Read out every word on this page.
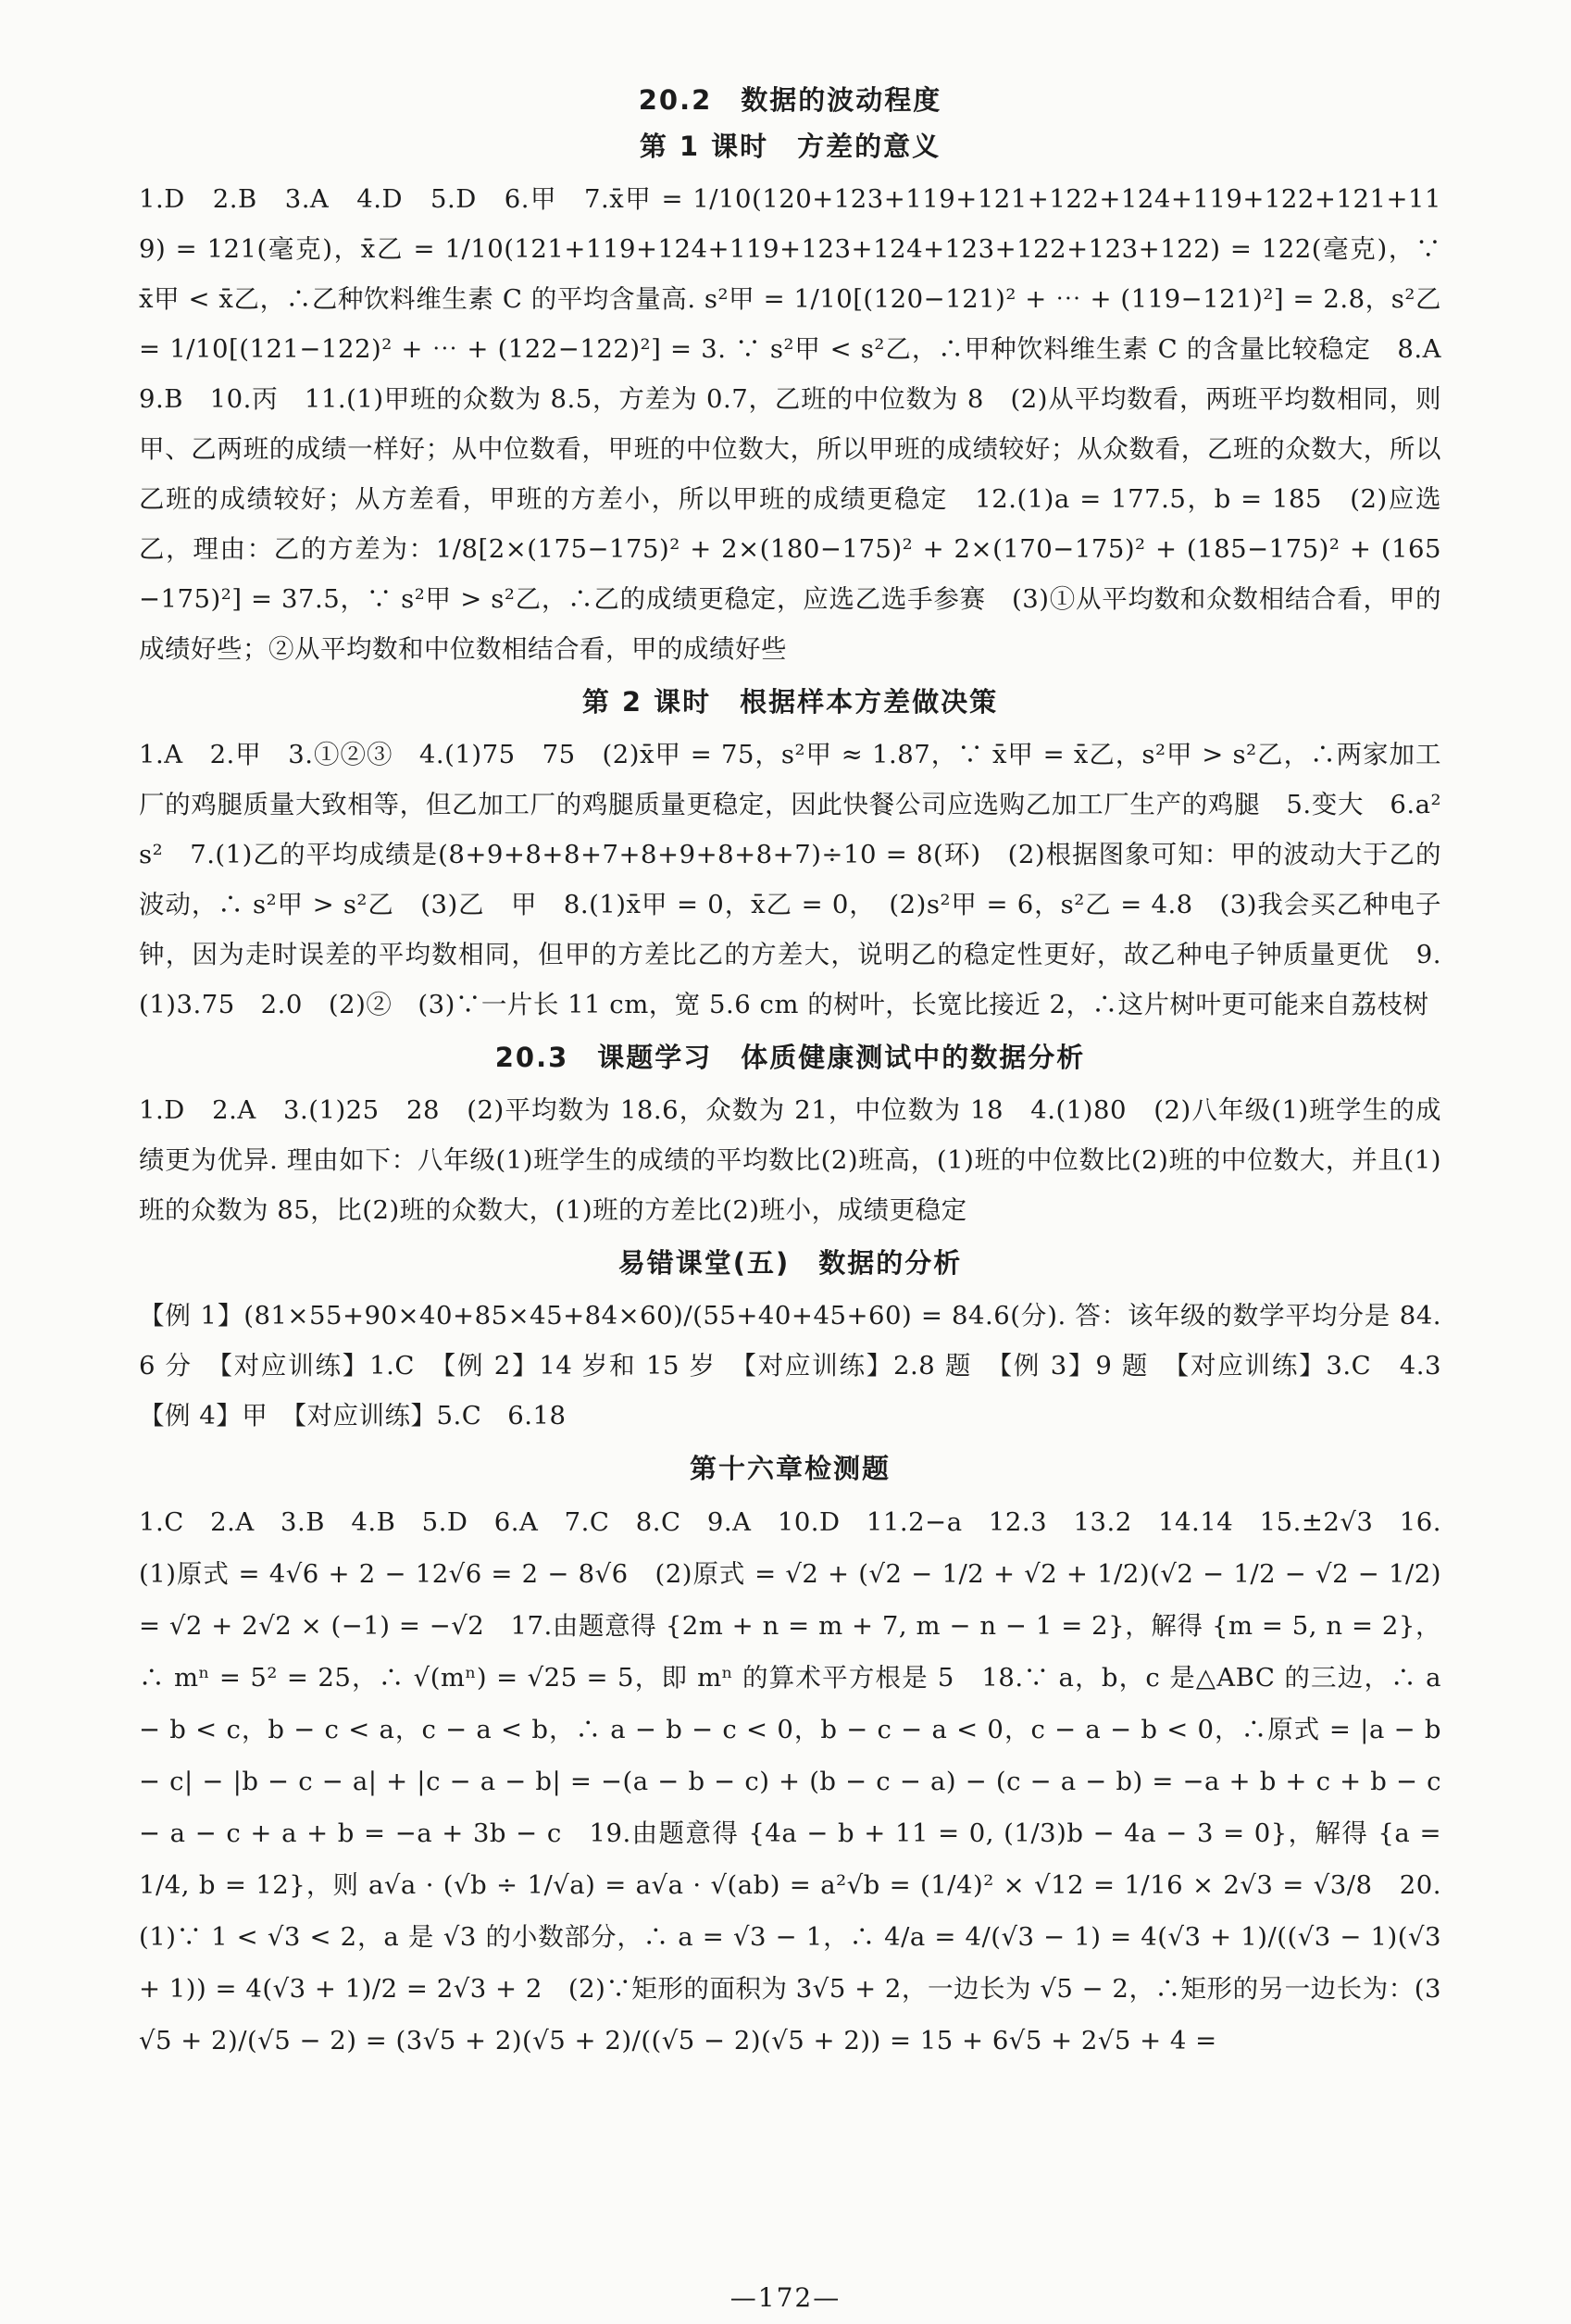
20.2　数据的波动程度
第 1 课时　方差的意义
1.D　2.B　3.A　4.D　5.D　6.甲　7.x̄甲 = 1/10(120+123+119+121+122+124+119+122+121+119) = 121(毫克)，x̄乙 = 1/10(121+119+124+119+123+124+123+122+123+122) = 122(毫克)，∵ x̄甲 < x̄乙，∴乙种饮料维生素 C 的平均含量高. s²甲 = 1/10[(120−121)² + ⋯ + (119−121)²] = 2.8，s²乙 = 1/10[(121−122)² + ⋯ + (122−122)²] = 3. ∵ s²甲 < s²乙，∴甲种饮料维生素 C 的含量比较稳定　8.A　9.B　10.丙　11.(1)甲班的众数为 8.5，方差为 0.7，乙班的中位数为 8　(2)从平均数看，两班平均数相同，则甲、乙两班的成绩一样好；从中位数看，甲班的中位数大，所以甲班的成绩较好；从众数看，乙班的众数大，所以乙班的成绩较好；从方差看，甲班的方差小，所以甲班的成绩更稳定　12.(1)a = 177.5，b = 185　(2)应选乙，理由：乙的方差为：1/8[2×(175−175)² + 2×(180−175)² + 2×(170−175)² + (185−175)² + (165−175)²] = 37.5，∵ s²甲 > s²乙，∴乙的成绩更稳定，应选乙选手参赛　(3)①从平均数和众数相结合看，甲的成绩好些；②从平均数和中位数相结合看，甲的成绩好些
第 2 课时　根据样本方差做决策
1.A　2.甲　3.①②③　4.(1)75　75　(2)x̄甲 = 75，s²甲 ≈ 1.87，∵ x̄甲 = x̄乙，s²甲 > s²乙，∴两家加工厂的鸡腿质量大致相等，但乙加工厂的鸡腿质量更稳定，因此快餐公司应选购乙加工厂生产的鸡腿　5.变大　6.a²s²　7.(1)乙的平均成绩是(8+9+8+8+7+8+9+8+8+7)÷10 = 8(环)　(2)根据图象可知：甲的波动大于乙的波动，∴ s²甲 > s²乙　(3)乙　甲　8.(1)x̄甲 = 0，x̄乙 = 0，　(2)s²甲 = 6，s²乙 = 4.8　(3)我会买乙种电子钟，因为走时误差的平均数相同，但甲的方差比乙的方差大，说明乙的稳定性更好，故乙种电子钟质量更优　9.(1)3.75　2.0　(2)②　(3)∵一片长 11 cm，宽 5.6 cm 的树叶，长宽比接近 2，∴这片树叶更可能来自荔枝树
20.3　课题学习　体质健康测试中的数据分析
1.D　2.A　3.(1)25　28　(2)平均数为 18.6，众数为 21，中位数为 18　4.(1)80　(2)八年级(1)班学生的成绩更为优异. 理由如下：八年级(1)班学生的成绩的平均数比(2)班高，(1)班的中位数比(2)班的中位数大，并且(1)班的众数为 85，比(2)班的众数大，(1)班的方差比(2)班小，成绩更稳定
易错课堂(五)　数据的分析
【例 1】(81×55+90×40+85×45+84×60)/(55+40+45+60) = 84.6(分). 答：该年级的数学平均分是 84.6 分　【对应训练】1.C　【例 2】14 岁和 15 岁　【对应训练】2.8 题　【例 3】9 题　【对应训练】3.C　4.3　【例 4】甲　【对应训练】5.C　6.18
第十六章检测题
1.C　2.A　3.B　4.B　5.D　6.A　7.C　8.C　9.A　10.D　11.2−a　12.3　13.2　14.14　15.±2√3　16.(1)原式 = 4√6 + 2 − 12√6 = 2 − 8√6　(2)原式 = √2 + (√2 − 1/2 + √2 + 1/2)(√2 − 1/2 − √2 − 1/2) = √2 + 2√2 × (−1) = −√2　17.由题意得 {2m + n = m + 7, m − n − 1 = 2}，解得 {m = 5, n = 2}，∴ mⁿ = 5² = 25，∴ √(mⁿ) = √25 = 5，即 mⁿ 的算术平方根是 5　18.∵ a，b，c 是△ABC 的三边，∴ a − b < c，b − c < a，c − a < b，∴ a − b − c < 0，b − c − a < 0，c − a − b < 0，∴原式 = |a − b − c| − |b − c − a| + |c − a − b| = −(a − b − c) + (b − c − a) − (c − a − b) = −a + b + c + b − c − a − c + a + b = −a + 3b − c　19.由题意得 {4a − b + 11 = 0, (1/3)b − 4a − 3 = 0}，解得 {a = 1/4, b = 12}，则 a√a · (√b ÷ 1/√a) = a√a · √(ab) = a²√b = (1/4)² × √12 = 1/16 × 2√3 = √3/8　20.(1)∵ 1 < √3 < 2，a 是 √3 的小数部分，∴ a = √3 − 1，∴ 4/a = 4/(√3 − 1) = 4(√3 + 1)/((√3 − 1)(√3 + 1)) = 4(√3 + 1)/2 = 2√3 + 2　(2)∵矩形的面积为 3√5 + 2，一边长为 √5 − 2，∴矩形的另一边长为：(3√5 + 2)/(√5 − 2) = (3√5 + 2)(√5 + 2)/((√5 − 2)(√5 + 2)) = 15 + 6√5 + 2√5 + 4 =
—172—
